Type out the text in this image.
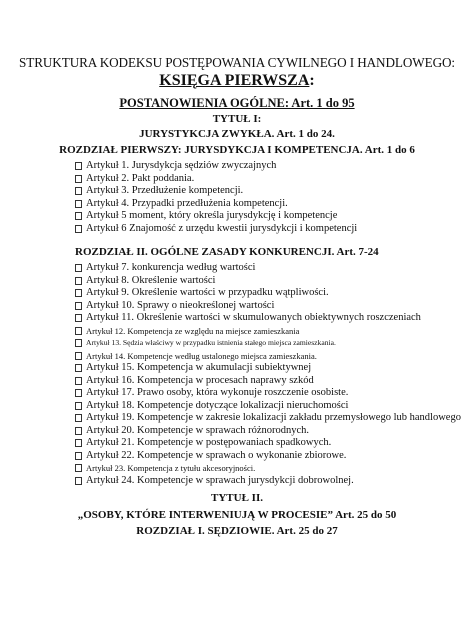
STRUKTURA KODEKSU POSTĘPOWANIA CYWILNEGO I HANDLOWEGO:
KSIĘGA PIERWSZA:
POSTANOWIENIA OGÓLNE: Art. 1 do 95
TYTUŁ I:
JURYSTYKCJA ZWYKŁA. Art. 1 do 24.
ROZDZIAŁ PIERWSZY: JURYSDYKCJA I KOMPETENCJA. Art. 1 do 6
Artykuł 1. Jurysdykcja sędziów zwyczajnych
Artykuł 2. Pakt poddania.
Artykuł 3. Przedłużenie kompetencji.
Artykuł 4. Przypadki przedłużenia kompetencji.
Artykuł 5 moment, który określa jurysdykcję i kompetencje
Artykuł 6 Znajomość z urzędu kwestii jurysdykcji i kompetencji
ROZDZIAŁ II. OGÓLNE ZASADY KONKURENCJI. Art. 7-24
Artykuł 7. konkurencja według wartości
Artykuł 8. Określenie wartości
Artykuł 9. Określenie wartości w przypadku wątpliwości.
Artykuł 10. Sprawy o nieokreślonej wartości
Artykuł 11. Określenie wartości w skumulowanych obiektywnych roszczeniach
Artykuł 12. Kompetencja ze względu na miejsce zamieszkania
Artykuł 13. Sędzia właściwy w przypadku istnienia stałego miejsca zamieszkania.
Artykuł 14. Kompetencje według ustalonego miejsca zamieszkania.
Artykuł 15. Kompetencja w akumulacji subiektywnej
Artykuł 16. Kompetencja w procesach naprawy szkód
Artykuł 17. Prawo osoby, która wykonuje roszczenie osobiste.
Artykuł 18. Kompetencje dotyczące lokalizacji nieruchomości
Artykuł 19. Kompetencje w zakresie lokalizacji zakładu przemysłowego lub handlowego
Artykuł 20. Kompetencje w sprawach różnorodnych.
Artykuł 21. Kompetencje w postępowaniach spadkowych.
Artykuł 22. Kompetencje w sprawach o wykonanie zbiorowe.
Artykuł 23. Kompetencja z tytułu akcesoryjności.
Artykuł 24. Kompetencje w sprawach jurysdykcji dobrowolnej.
TYTUŁ II.
„OSOBY, KTÓRE INTERWENIUJĄ W PROCESIE” Art. 25 do 50
ROZDZIAŁ I. SĘDZIOWIE. Art. 25 do 27
